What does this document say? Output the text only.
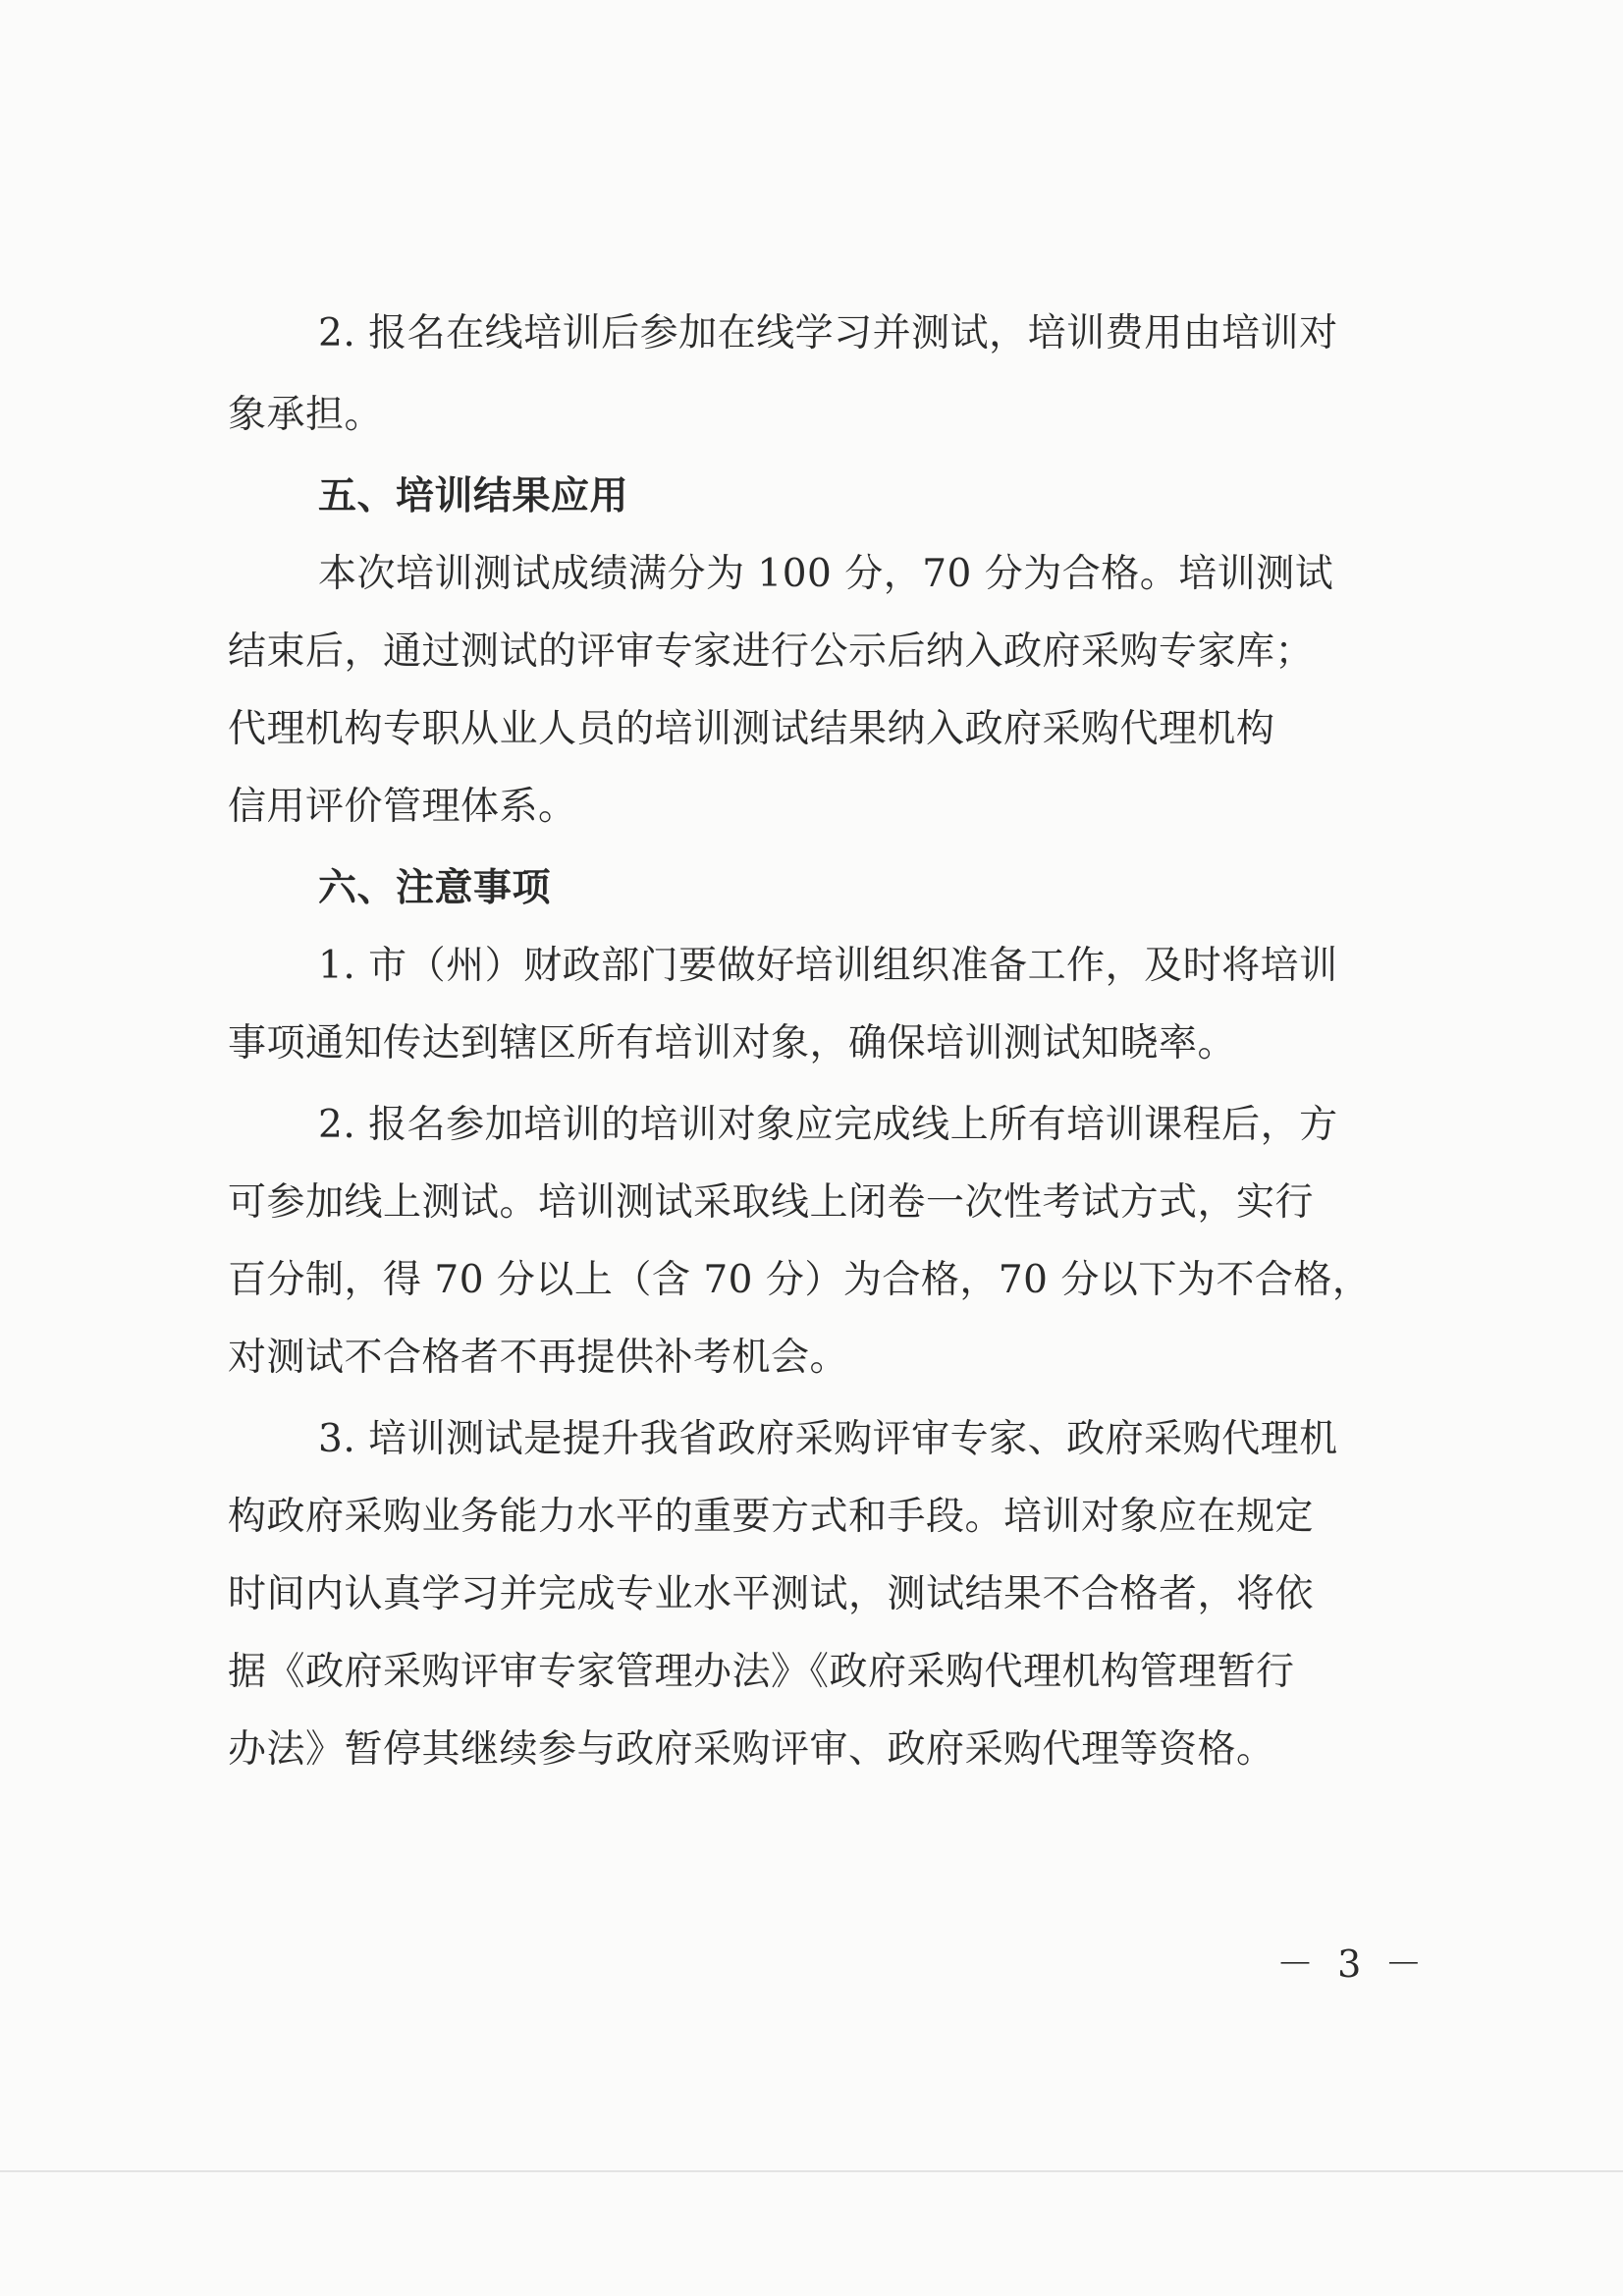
2. 报名在线培训后参加在线学习并测试，培训费用由培训对
象承担。
五、培训结果应用
本次培训测试成绩满分为 100 分，70 分为合格。培训测试
结束后，通过测试的评审专家进行公示后纳入政府采购专家库；
代理机构专职从业人员的培训测试结果纳入政府采购代理机构
信用评价管理体系。
六、注意事项
1. 市（州）财政部门要做好培训组织准备工作，及时将培训
事项通知传达到辖区所有培训对象，确保培训测试知晓率。
2. 报名参加培训的培训对象应完成线上所有培训课程后，方
可参加线上测试。培训测试采取线上闭卷一次性考试方式，实行
百分制，得 70 分以上（含 70 分）为合格，70 分以下为不合格，
对测试不合格者不再提供补考机会。
3. 培训测试是提升我省政府采购评审专家、政府采购代理机
构政府采购业务能力水平的重要方式和手段。培训对象应在规定
时间内认真学习并完成专业水平测试，测试结果不合格者，将依
据《政府采购评审专家管理办法》《政府采购代理机构管理暂行
办法》暂停其继续参与政府采购评审、政府采购代理等资格。
－ 3 －
